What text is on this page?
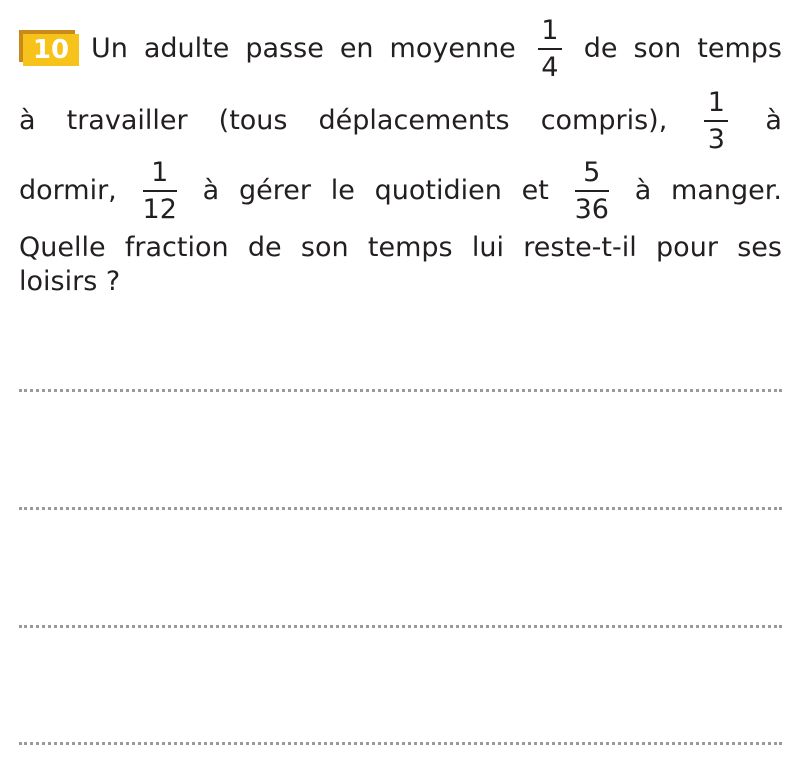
10 Un adulte passe en moyenne $\frac{1}{4}$ de son temps
à travailler (tous déplacements compris), $\frac{1}{3}$ à
dormir, $\frac{1}{12}$ à gérer le quotidien et $\frac{5}{36}$ à manger.
Quelle fraction de son temps lui reste-t-il pour ses
loisirs ?
